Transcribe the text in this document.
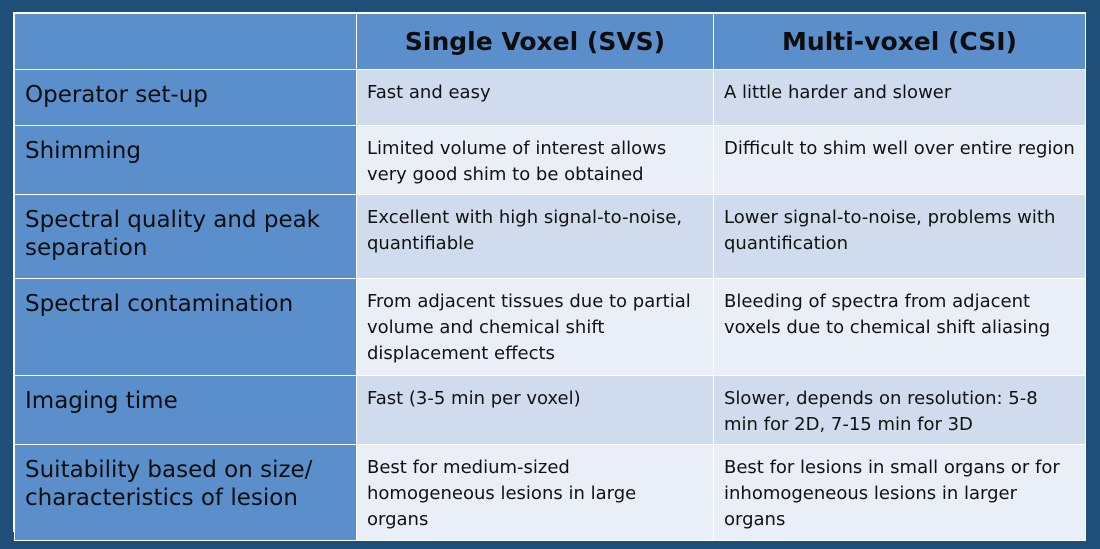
	Single Voxel (SVS)	Multi-voxel (CSI)
Operator set-up	Fast and easy	A little harder and slower
Shimming	Limited volume of interest allows very good shim to be obtained	Difficult to shim well over entire region
Spectral quality and peak separation	Excellent with high signal-to-noise, quantifiable	Lower signal-to-noise, problems with quantification
Spectral contamination	From adjacent tissues due to partial volume and chemical shift displacement effects	Bleeding of spectra from adjacent voxels due to chemical shift aliasing
Imaging time	Fast (3-5 min per voxel)	Slower, depends on resolution: 5-8 min for 2D, 7-15 min for 3D
Suitability based on size/ characteristics of lesion	Best for medium-sized homogeneous lesions in large organs	Best for lesions in small organs or for inhomogeneous lesions in larger organs
